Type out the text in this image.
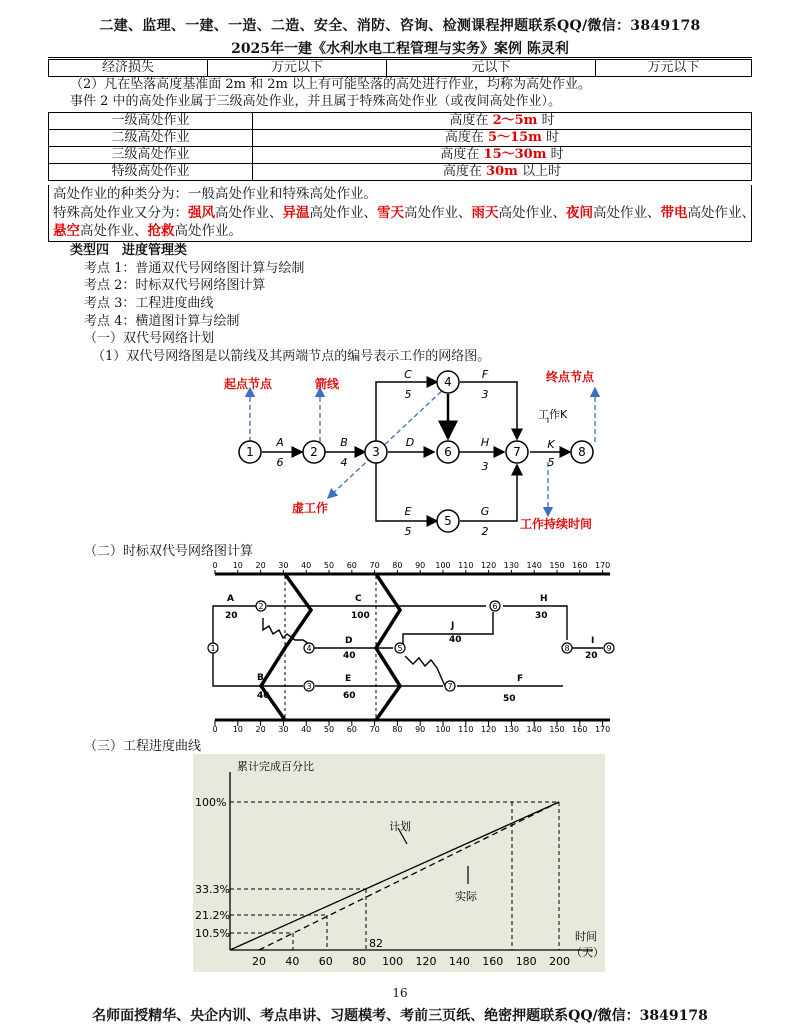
二建、监理、一建、一造、二造、安全、消防、咨询、检测课程押题联系QQ/微信：3849178
2025年一建《水利水电工程管理与实务》案例 陈灵利
经济损失	万元以下	元以下	万元以下
（2）凡在坠落高度基准面 2m 和 2m 以上有可能坠落的高处进行作业，均称为高处作业。
事件 2 中的高处作业属于三级高处作业，并且属于特殊高处作业（或夜间高处作业）。
一级高处作业	高度在 2～5m 时
二级高处作业	高度在 5～15m 时
三级高处作业	高度在 15～30m 时
特级高处作业	高度在 30m 以上时
高处作业的种类分为：一般高处作业和特殊高处作业。
特殊高处作业又分为：强风高处作业、异温高处作业、雪天高处作业、雨天高处作业、夜间高处作业、带电高处作业、
悬空高处作业、抢救高处作业。
类型四　进度管理类
考点 1：普通双代号网络图计算与绘制
考点 2：时标双代号网络图计算
考点 3：工程进度曲线
考点 4：横道图计算与绘制
（一）双代号网络计划
（1）双代号网络图是以箭线及其两端节点的编号表示工作的网络图。
1	2	3
4
5
6	7	8
A
6
B
4
C
5
D
E
5
F
3
G
2
H
3
K
5
起点节点	箭线	终点节点
虚工作
工作持续时间
工作K
（二）时标双代号网络图计算
0 10 20 30 40 50 60 70 80 90 100 110 120 130 140 150 160 170
0 10 20 30 40 50 60 70 80 90 100 110 120 130 140 150 160 170
1
2
3
4	5
6
7
8	9
A
20
B
40
C
100
D
40
E
60
F
50
J
40
H
30
I
20
（三）工程进度曲线
累计完成百分比
计划
实际
82
100%
33.3%
21.2%
10.5%	时间
（天）
20 40 60 80 100 120 140 160 180 200
16
名师面授精华、央企内训、考点串讲、习题模考、考前三页纸、绝密押题联系QQ/微信：3849178
